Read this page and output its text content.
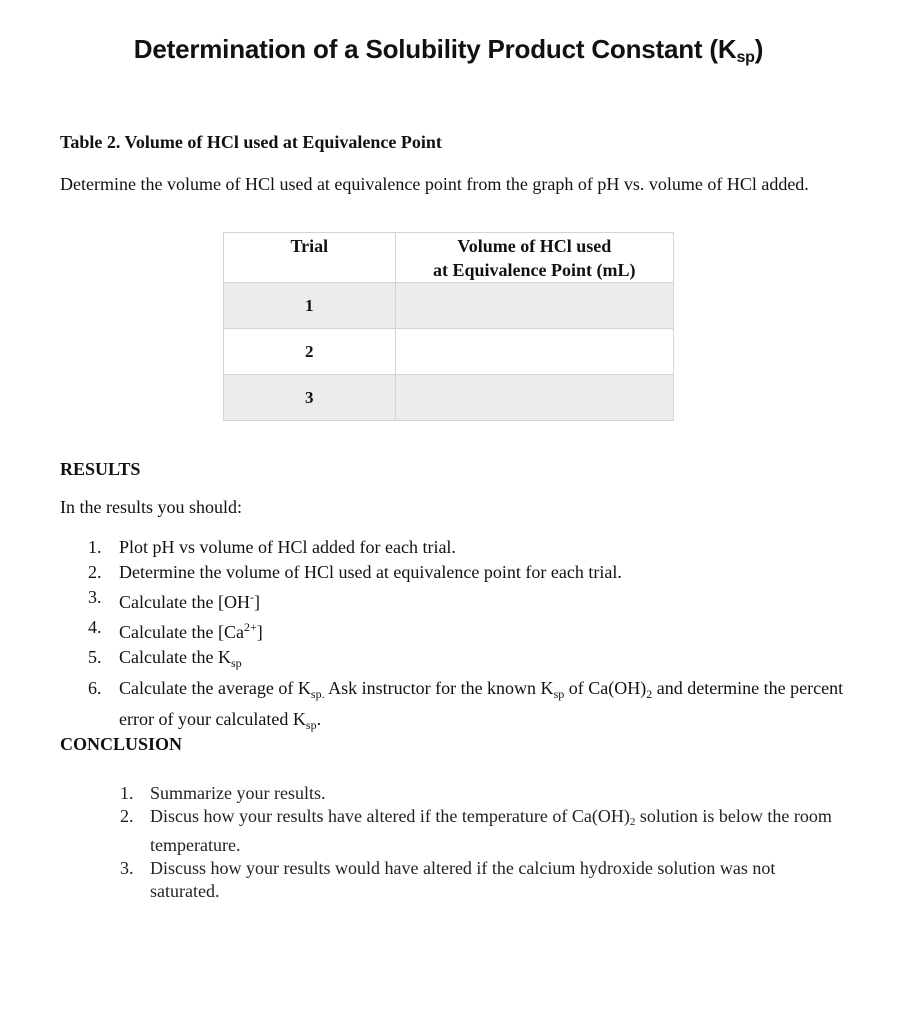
Determination of a Solubility Product Constant $(K_{sp})$
Table 2. Volume of HCl used at Equivalence Point
Determine the volume of HCl used at equivalence point from the graph of pH vs. volume of HCl added.
Trial	Volume of HCl used
at Equivalence Point (mL)
1	
2	
3	
RESULTS
In the results you should:
1. Plot pH vs volume of HCl added for each trial.
2. Determine the volume of HCl used at equivalence point for each trial.
3. Calculate the [OH-]
4. Calculate the $[Ca^{2+}]$
5. Calculate the $K_{sp}$
6. Calculate the average of $K_{sp.}$ Ask instructor for the known $K_{sp}$ of $Ca(OH)_2$ and determine the percent error of your calculated $K_{sp}$.
CONCLUSION
1. Summarize your results.
2. Discus how your results have altered if the temperature of $Ca(OH)_2$ solution is below the room temperature.
3. Discuss how your results would have altered if the calcium hydroxide solution was not saturated.
